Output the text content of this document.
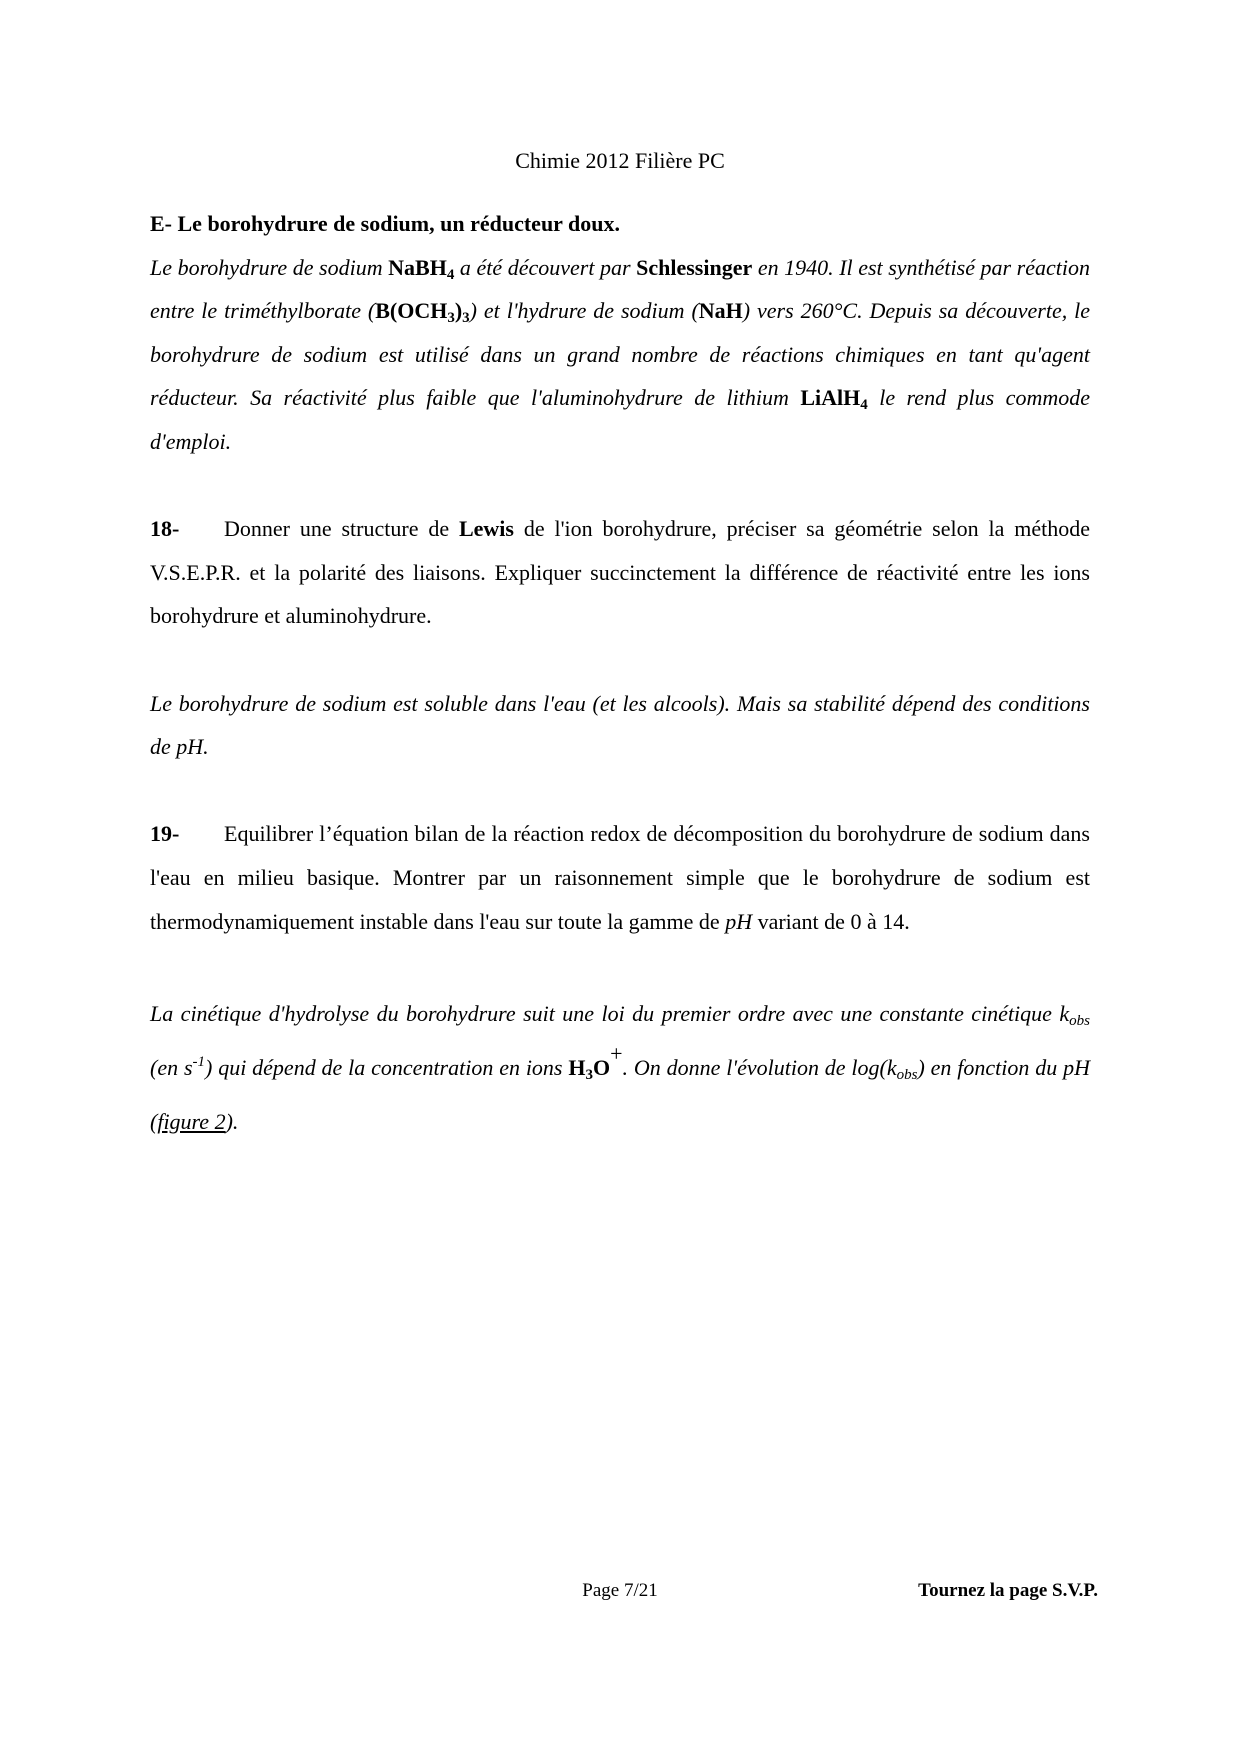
Chimie 2012 Filière PC
E- Le borohydrure de sodium, un réducteur doux.

Le borohydrure de sodium NaBH$_4$ a été découvert par Schlessinger en 1940. Il est synthétisé par réaction entre le triméthylborate $(B(OCH_3)_3)$ et l'hydrure de sodium (NaH) vers 260°C. Depuis sa découverte, le borohydrure de sodium est utilisé dans un grand nombre de réactions chimiques en tant qu'agent réducteur. Sa réactivité plus faible que l'aluminohydrure de lithium LiAlH$_4$ le rend plus commode d'emploi.

18- Donner une structure de Lewis de l'ion borohydrure, préciser sa géométrie selon la méthode V.S.E.P.R. et la polarité des liaisons. Expliquer succinctement la différence de réactivité entre les ions borohydrure et aluminohydrure.

Le borohydrure de sodium est soluble dans l'eau (et les alcools). Mais sa stabilité dépend des conditions de pH.

19- Equilibrer l’équation bilan de la réaction redox de décomposition du borohydrure de sodium dans l'eau en milieu basique. Montrer par un raisonnement simple que le borohydrure de sodium est thermodynamiquement instable dans l'eau sur toute la gamme de pH variant de 0 à 14.

La cinétique d'hydrolyse du borohydrure suit une loi du premier ordre avec une constante cinétique $k_{obs}$ (en $s^{-1}$) qui dépend de la concentration en ions $H_3O+$. On donne l'évolution de $\log(k_{obs})$ en fonction du pH (figure 2).

Page 7/21	Tournez la page S.V.P.
